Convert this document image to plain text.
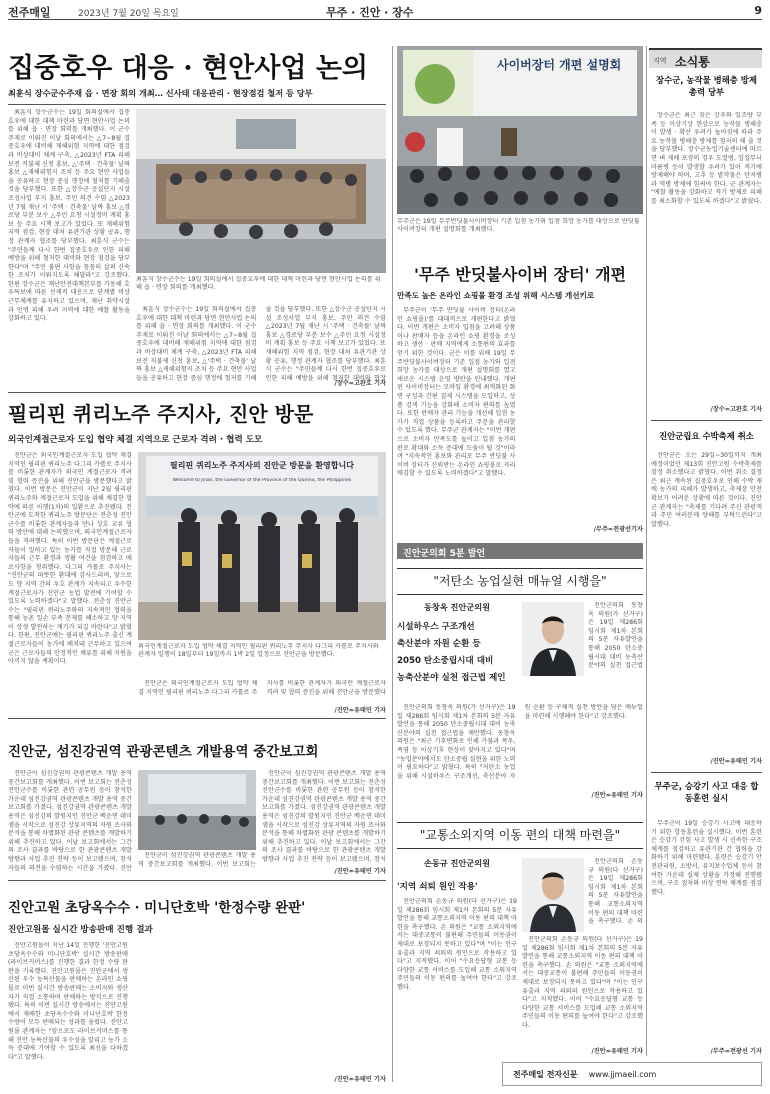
전주매일	2023년 7월 20일 목요일	무주 · 진안 · 장수	9
집중호우 대응 · 현안사업 논의
최훈식 장수군수주재 읍 · 면장 회의 개최… 신사태 대응관리 · 현장점검 철저 등 당부

최훈식 장수군수는 19일 회의실에서 집중호우에 대한 대책 마련과 당면 현안사업 논의를 위해 읍 · 면장 회의를 개최했다. 이 군수 주재로 이뤄진 이날 회의에서는 △7~8월 집중호우에 대비해 재해위험 지역에 대한 점검과 비상대비 체계 구축, △2023년 FTA 피해보전 직불제 신청 홍보, △'주택 · 건축물' 날짜 홍보 △재해위험지 조치 등 주요 현안 사업들을 공유하고 현장 중심 행정에 철저를 기해줄 것을 당부했다. 또한 △장수군 공설단지 시설 조성사업 부지 홍보, 주민 의견 수렴 △2023년 7월 재난 시 '주택 · 건축물' 날짜 홍보 △경로당 부분 보수 △주민 요청 시설정비 계획 홍보 등 주요 시책 보고가 있었다. 또 재해위험 지역 점검, 현장 대처 유관기관 상황 공유, 행정 관계자 협조를 당부했다. 최훈식 군수는 "주민들께 다시 한번 집중호우로 인한 피해 예방을 위해 철저한 대비와 현장 점검을 당부한다"며 "주민 불편 사항을 꼼꼼히 살펴 신속한 조치가 이뤄지도록 해달라"고 강조했다. 한편 장수군은 재난안전대책본부를 가동해 호우특보에 따른 선제적 대응으로 단계별 비상근무체계를 유지하고 있으며, 재난 취약시설과 인명 피해 우려 지역에 대한 예찰 활동을 강화하고 있다.

최훈식 장수군수는 19일 회의실에서 집중호우에 대한 대책 마련과 당면 현안사업 논의를 위해 읍 · 면장 회의를 개최했다.

최훈식 장수군수는 19일 회의실에서 집중호우에 대한 대책 마련과 당면 현안사업 논의를 위해 읍 · 면장 회의를 개최했다. 이 군수 주재로 이뤄진 이날 회의에서는 △7~8월 집중호우에 대비해 재해위험 지역에 대한 점검과 비상대비 체계 구축, △2023년 FTA 피해보전 직불제 신청 홍보, △'주택 · 건축물' 날짜 홍보 △재해위험지 조치 등 주요 현안 사업들을 공유하고 현장 중심 행정에 철저를 기해줄 것을 당부했다. 또한 △장수군 공설단지 시설 조성사업 부지 홍보, 주민 의견 수렴 △2023년 7월 재난 시 '주택 · 건축물' 날짜 홍보 △경로당 부분 보수 △주민 요청 시설정비 계획 홍보 등 주요 시책 보고가 있었다. 또 재해위험 지역 점검, 현장 대처 유관기관 상황 공유, 행정 관계자 협조를 당부했다. 최훈식 군수는 "주민들께 다시 한번 집중호우로 인한 피해 예방을 위해 철저한 대비와 현장

/장수=고완호 기자
필리핀 퀴리노주 주지사, 진안 방문
외국인계절근로자 도입 협약 체결 지역으로 근로자 격려 · 협력 도모

진안군은 외국인계절근로자 도입 협약 체결 지역인 필리핀 퀴리노주 다그피 카롤로 주지사를 비롯한 관계자가 외국인 계절근로자 격려 및 협력 증진을 위해 진안군을 방문했다고 밝혔다. 이번 방문은 진안군이 지난 2월 필리핀 퀴리노주와 계절근로자 도입을 위해 체결한 협약에 따른 이행(1차)의 일환으로 추진됐다. 진안군에 도착한 퀴리노주 방문단은 전춘성 진안군수를 비롯한 관계자들과 만나 상호 교류 협력 방안에 대해 논의했으며, 외국인계절근로자들을 격려했다. 특히 이번 방문단은 계절근로자들이 일하고 있는 농가를 직접 방문해 근로자들의 근무 환경과 생활 여건을 점검하고 애로사항을 청취했다. 다그피 카롤로 주지사는 "진안군의 따뜻한 환대에 감사드리며, 앞으로도 양 지역 간의 우호 관계가 지속되고 우수한 계절근로자가 진안군 농업 발전에 기여할 수 있도록 노력하겠다"고 말했다. 전춘성 진안군수는 "필리핀 퀴리노주와의 지속적인 협력을 통해 농촌 일손 부족 문제를 해소하고 양 지역이 상생 발전하는 계기가 되길 바란다"고 밝혔다. 한편, 진안군에는 필리핀 퀴리노주 출신 계절근로자들이 농가에 배치돼 근무하고 있으며 군은 근로자들의 안정적인 체류를 위해 지원을 아끼지 않을 계획이다.

필리핀 퀴리노주 주지사의 진안군 방문을 환영합니다
Welcome to Jinan, the Governor of the Province of the Quirino, the Philippines
외국인계절근로자 도입 협약 체결 지역인 필리핀 퀴리노주 주지사 다그피 카롤로 주지사와 관계자 일행이 18일부터 19일까지 1박 2일 일정으로 진안군을 방문했다.

진안군은 외국인계절근로자 도입 협약 체결 지역인 필리핀 퀴리노주 다그피 카롤로 주지사를 비롯한 관계자가 외국인 계절근로자 격려 및 협력 증진을 위해 진안군을 방문했다

/진안=유태민 기자
진안군, 섬진강권역 관광콘텐츠 개발용역 중간보고회

진안군이 섬진강권역 관광콘텐츠 개발 용역 중간보고회를 개최했다. 이번 보고회는 전춘성 진안군수를 비롯한 관련 공무원 등이 참석한 가운데 섬진강권역 관광콘텐츠 개발 용역 중간보고회를 가졌다. 섬진강권역 관광콘텐츠 개발용역은 섬진강의 발원지인 진안군 백운면 데미샘을 시작으로 섬진강 상류지역의 자원 조사와 분석을 통해 차별화된 관광 콘텐츠를 개발하기 위해 추진하고 있다. 이날 보고회에서는 그간의 조사 결과를 바탕으로 한 관광콘텐츠 개발 방향과 사업 추진 전략 등이 보고됐으며, 참석자들의 의견을 수렴하는 시간을 가졌다. 진안

진안군이 섬진강권역 관광콘텐츠 개발 용역 중간보고회를 개최했다. 이번 보고회는

진안군이 섬진강권역 관광콘텐츠 개발 용역 중간보고회를 개최했다. 이번 보고회는 전춘성 진안군수를 비롯한 관련 공무원 등이 참석한 가운데 섬진강권역 관광콘텐츠 개발 용역 중간보고회를 가졌다. 섬진강권역 관광콘텐츠 개발용역은 섬진강의 발원지인 진안군 백운면 데미샘을 시작으로 섬진강 상류지역의 자원 조사와 분석을 통해 차별화된 관광 콘텐츠를 개발하기 위해 추진하고 있다. 이날 보고회에서는 그간의 조사 결과를 바탕으로 한 관광콘텐츠 개발 방향과 사업 추진 전략 등이 보고됐으며, 참석

/진안=유태민 기자
진안고원 초당옥수수 · 미니단호박 '한정수량 완판'
진안고원몰 실시간 방송판매 진행 결과

진안고원몰이 지난 14일 진행한 '진안고원 초당옥수수와 미니단호박' 실시간 방송판매(라이브커머스)를 진행한 결과 한정 수량 완판을 기록했다. 진안고원몰은 진안군에서 생산된 우수 농특산물을 판매하는 온라인 쇼핑몰로 이번 실시간 방송판매는 소비자와 생산자가 직접 소통하며 판매하는 방식으로 진행됐다. 특히 이번 실시간 방송에서는 진안고원에서 재배한 초당옥수수와 미니단호박 한정 수량이 모두 판매되는 성과를 올렸다. 진안고원몰 관계자는 "앞으로도 라이브커머스를 통해 진안 농특산물의 우수성을 알리고 농가 소득 증대에 기여할 수 있도록 최선을 다하겠다"고 말했다.

/진안=유태민 기자
사이버장터 개편 설명회
무주군은 19일 무주반딧불사이버장터 기존 입점 농가와 입점 희망 농가를 대상으로 반딧불 사이버장터 개편 설명회를 개최했다.
'무주 반딧불사이버 장터' 개편
만족도 높은 온라인 쇼핑몰 환경 조성 위해 시스템 개선키로

무주군이 '무주 반딧불 사이버 장터(온라인 쇼핑몰)'를 대대적으로 개편한다고 밝혔다. 이번 개편은 소비자 입점을 고려해 상품이나 판매자 등을 온라인 쇼핑 환경을 조성하고 생산 · 판매 지역에게 소통편의 효과를 얻기 위한 것이다. 군은 이를 위해 19일 무주반딧불사이버장터 기존 입점 농가와 입점 희망 농가를 대상으로 개편 설명회를 열고 새로운 시스템 운영 방안을 안내했다. 개편된 사이버장터는 모바일 환경에 최적화된 화면 구성과 간편 결제 시스템을 도입하고, 상품 검색 기능을 강화해 소비자 편의를 높였다. 또한 판매자 관리 기능을 개선해 입점 농가가 직접 상품을 등록하고 주문을 관리할 수 있도록 했다. 무주군 관계자는 "이번 개편으로 소비자 만족도를 높이고 입점 농가의 판로 확대와 소득 증대에 도움이 될 것"이라며 "지속적인 홍보와 관리로 무주 반딧불 사이버 장터가 신뢰받는 온라인 쇼핑몰로 자리매김할 수 있도록 노력하겠다"고 말했다.

/무주=전광선기자
진안군의회 5분 발언
"저탄소 농업실현 매뉴얼 시행을"
동창옥 진안군의원
시설하우스 구조개선
축산분야 자원 순환 등
2050 탄소중립시대 대비
농축산분야 실천 접근법 제인

진안군의회 동창옥 의원(가 선거구)은 19일 제286회 임시회 제1차 본회의 5분 자유발언을 통해 2050 탄소중립시대 대비 농축산분야의 실천 접근법

진안군의회 동창옥 의원(가 선거구)은 19일 제286회 임시회 제1차 본회의 5분 자유발언을 통해 2050 탄소중립시대 대비 농축산분야의 실천 접근법을 제안했다. 동창옥 의원은 "최근 기후변화로 인해 가뭄과 폭우, 폭염 등 이상기후 현상이 잦아지고 있다"며 "농업분야에서도 탄소중립 실현을 위한 노력이 필요하다"고 밝혔다. 특히 "저탄소 농업을 위해 시설하우스 구조개선, 축산분야 자원 순환 등 구체적 실천 방안을 담은 매뉴얼을 마련해 시행해야 한다"고 강조했다.

/진안=유태민 기자
"교통소외지역 이동 편의 대책 마련을"
손동규 진안군의원
'지역 쇠퇴 원인 작용'

진안군의회 손동규 의원(다 선거구)은 19일 제286회 임시회 제1차 본회의 5분 자유발언을 통해 교통소외지역 이동 편의 대책 마련을 촉구했다. 손 의원은 "교통 소외지역에서는 대중교통이 불편해 주민들의 이동권이 제대로 보장되지 못하고 있다"며 "이는 인구 유출과 지역 쇠퇴의 원인으로 작용하고 있다"고 지적했다. 이어 "수요응답형 교통 등 다양한 교통 서비스를 도입해 교통 소외지역 주민들의 이동 편의를 높여야 한다"고 강조했다.

진안군의회 손동규 의원(다 선거구)은 19일 제286회 임시회 제1차 본회의 5분 자유발언을 통해 교통소외지역 이동 편의 대책 마련을 촉구했다. 손 의

진안군의회 손동규 의원(다 선거구)은 19일 제286회 임시회 제1차 본회의 5분 자유발언을 통해 교통소외지역 이동 편의 대책 마련을 촉구했다. 손 의원은 "교통 소외지역에서는 대중교통이 불편해 주민들의 이동권이 제대로 보장되지 못하고 있다"며 "이는 인구 유출과 지역 쇠퇴의 원인으로 작용하고 있다"고 지적했다. 이어 "수요응답형 교통 등 다양한 교통 서비스를 도입해 교통 소외지역 주민들의 이동 편의를 높여야 한다"고 강조했다.

/진안=유태민 기자
지역 소식통
장수군, 농작물 병해충 방제 총력 당부
장수군은 최근 잦은 강우와 일조량 부족 등 이상기상 현상으로 농작물 병해충이 발생 · 확산 우려가 높아짐에 따라 주요 농작물 병해충 방제를 철저히 해 줄 것을 당부했다. 장수군농업기술센터에 따르면 벼 재배 포장의 경우 도열병, 잎집무늬마름병 등이 발생할 우려가 있어 적기에 방제해야 하며, 고추 등 밭작물은 탄저병과 역병 방제에 힘써야 한다. 군 관계자는 "예찰 활동을 강화하고 적기 방제로 피해를 최소화할 수 있도록 하겠다"고 밝혔다.
/장수=고완호 기자
진안군립요 수박축제 취소
진안군은 오는 29일~30일까지 개최 예정이었던 제13회 진안고원 수박축제를 잠정 취소했다고 밝혔다. 이번 취소 결정은 최근 계속된 집중호우로 인해 수박 재배 농가의 피해가 발생하고, 축제장 안전 확보가 어려운 상황에 따른 것이다. 진안군 관계자는 "축제를 기다려 주신 관광객과 주민 여러분께 양해를 부탁드린다"고 말했다.
/진안=유태민 기자
무주군, 승강기 사고 대응 합동훈련 실시
무주군이 19일 승강기 사고에 대응하기 위한 합동훈련을 실시했다. 이번 훈련은 승강기 갇힘 사고 발생 시 신속한 구조 체계를 점검하고 유관기관 간 협력을 강화하기 위해 마련됐다. 훈련은 승강기 안전관리원, 소방서, 유지보수업체 등이 참여한 가운데 실제 상황을 가정해 진행됐으며, 구조 절차와 비상 연락 체계를 점검했다.
/무주=전광선 기자
전주매일 전자신문 www.jjmaeil.com
